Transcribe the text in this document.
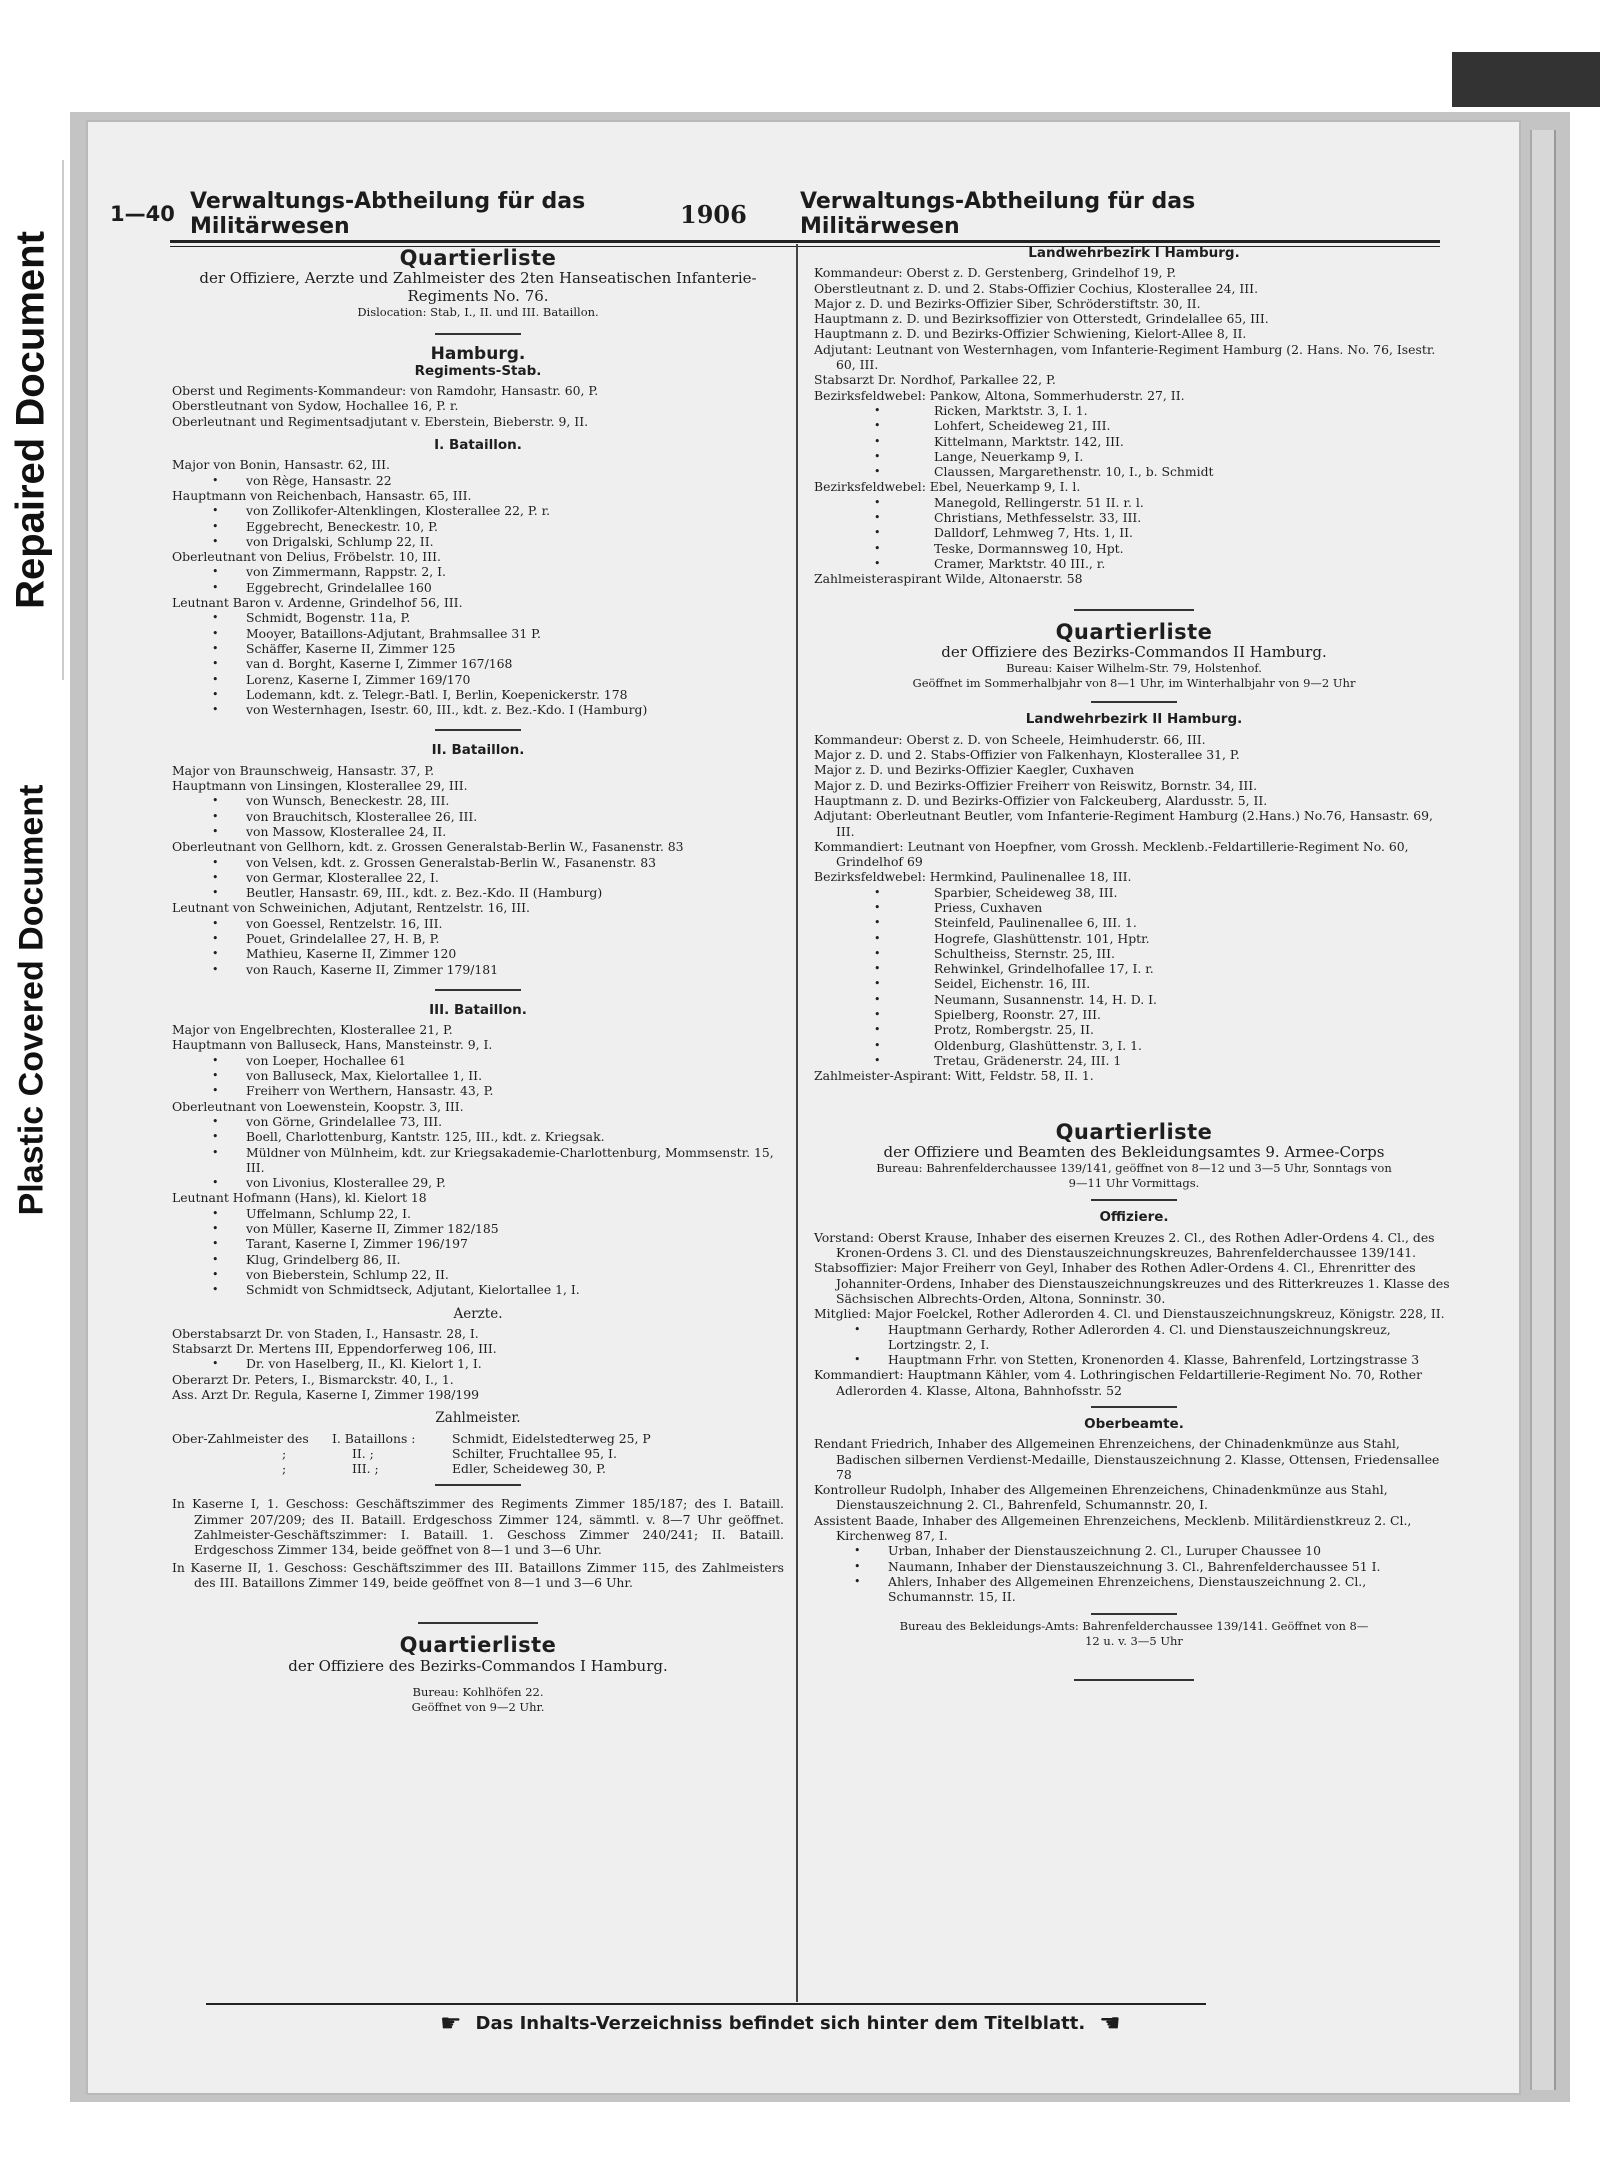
Repaired Document
Plastic Covered Document
1—40 Verwaltungs-Abtheilung für das Militärwesen	1906	Verwaltungs-Abtheilung für das Militärwesen
Quartierliste
der Offiziere, Aerzte und Zahlmeister des 2ten Hanseatischen Infanterie-Regiments No. 76.
Dislocation: Stab, I., II. und III. Bataillon.
Hamburg.
Regiments-Stab.
Oberst und Regiments-Kommandeur: von Ramdohr, Hansastr. 60, P.
Oberstleutnant von Sydow, Hochallee 16, P. r.
Oberleutnant und Regimentsadjutant v. Eberstein, Bieberstr. 9, II.
I. Bataillon.
Major von Bonin, Hansastr. 62, III.
• von Rège, Hansastr. 22
Hauptmann von Reichenbach, Hansastr. 65, III.
• von Zollikofer-Altenklingen, Klosterallee 22, P. r.
• Eggebrecht, Beneckestr. 10, P.
• von Drigalski, Schlump 22, II.
Oberleutnant von Delius, Fröbelstr. 10, III.
• von Zimmermann, Rappstr. 2, I.
• Eggebrecht, Grindelallee 160
Leutnant Baron v. Ardenne, Grindelhof 56, III.
• Schmidt, Bogenstr. 11a, P.
• Mooyer, Bataillons-Adjutant, Brahmsallee 31 P.
• Schäffer, Kaserne II, Zimmer 125
• van d. Borght, Kaserne I, Zimmer 167/168
• Lorenz, Kaserne I, Zimmer 169/170
• Lodemann, kdt. z. Telegr.-Batl. I, Berlin, Koepenickerstr. 178
• von Westernhagen, Isestr. 60, III., kdt. z. Bez.-Kdo. I (Hamburg)
II. Bataillon.
Major von Braunschweig, Hansastr. 37, P.
Hauptmann von Linsingen, Klosterallee 29, III.
• von Wunsch, Beneckestr. 28, III.
• von Brauchitsch, Klosterallee 26, III.
• von Massow, Klosterallee 24, II.
Oberleutnant von Gellhorn, kdt. z. Grossen Generalstab-Berlin W., Fasanenstr. 83
• von Velsen, kdt. z. Grossen Generalstab-Berlin W., Fasanenstr. 83
• von Germar, Klosterallee 22, I.
• Beutler, Hansastr. 69, III., kdt. z. Bez.-Kdo. II (Hamburg)
Leutnant von Schweinichen, Adjutant, Rentzelstr. 16, III.
• von Goessel, Rentzelstr. 16, III.
• Pouet, Grindelallee 27, H. B, P.
• Mathieu, Kaserne II, Zimmer 120
• von Rauch, Kaserne II, Zimmer 179/181
III. Bataillon.
Major von Engelbrechten, Klosterallee 21, P.
Hauptmann von Balluseck, Hans, Mansteinstr. 9, I.
• von Loeper, Hochallee 61
• von Balluseck, Max, Kielortallee 1, II.
• Freiherr von Werthern, Hansastr. 43, P.
Oberleutnant von Loewenstein, Koopstr. 3, III.
• von Görne, Grindelallee 73, III.
• Boell, Charlottenburg, Kantstr. 125, III., kdt. z. Kriegsak.
• Müldner von Mülnheim, kdt. zur Kriegsakademie-Charlottenburg, Mommsenstr. 15, III.
• von Livonius, Klosterallee 29, P.
Leutnant Hofmann (Hans), kl. Kielort 18
• Uffelmann, Schlump 22, I.
• von Müller, Kaserne II, Zimmer 182/185
• Tarant, Kaserne I, Zimmer 196/197
• Klug, Grindelberg 86, II.
• von Bieberstein, Schlump 22, II.
• Schmidt von Schmidtseck, Adjutant, Kielortallee 1, I.
Aerzte.
Oberstabsarzt Dr. von Staden, I., Hansastr. 28, I.
Stabsarzt Dr. Mertens III, Eppendorferweg 106, III.
• Dr. von Haselberg, II., Kl. Kielort 1, I.
Oberarzt Dr. Peters, I., Bismarckstr. 40, I., 1.
Ass. Arzt Dr. Regula, Kaserne I, Zimmer 198/199
Zahlmeister.
Ober-Zahlmeister des	I. Bataillons :	Schmidt, Eidelstedterweg 25, P
;	II. ;	Schilter, Fruchtallee 95, I.
;	III. ;	Edler, Scheideweg 30, P.
In Kaserne I, 1. Geschoss: Geschäftszimmer des Regiments Zimmer 185/187; des I. Bataill. Zimmer 207/209; des II. Bataill. Erdgeschoss Zimmer 124, sämmtl. v. 8—7 Uhr geöffnet. Zahlmeister-Geschäftszimmer: I. Bataill. 1. Geschoss Zimmer 240/241; II. Bataill. Erdgeschoss Zimmer 134, beide geöffnet von 8—1 und 3—6 Uhr.
In Kaserne II, 1. Geschoss: Geschäftszimmer des III. Bataillons Zimmer 115, des Zahlmeisters des III. Bataillons Zimmer 149, beide geöffnet von 8—1 und 3—6 Uhr.
Quartierliste
der Offiziere des Bezirks-Commandos I Hamburg.
Bureau: Kohlhöfen 22.
Geöffnet von 9—2 Uhr.
Landwehrbezirk I Hamburg.
Kommandeur: Oberst z. D. Gerstenberg, Grindelhof 19, P.
Oberstleutnant z. D. und 2. Stabs-Offizier Cochius, Klosterallee 24, III.
Major z. D. und Bezirks-Offizier Siber, Schröderstiftstr. 30, II.
Hauptmann z. D. und Bezirksoffizier von Otterstedt, Grindelallee 65, III.
Hauptmann z. D. und Bezirks-Offizier Schwiening, Kielort-Allee 8, II.
Adjutant: Leutnant von Westernhagen, vom Infanterie-Regiment Hamburg (2. Hans. No. 76, Isestr. 60, III.
Stabsarzt Dr. Nordhof, Parkallee 22, P.
Bezirksfeldwebel: Pankow, Altona, Sommerhuderstr. 27, II.
• Ricken, Marktstr. 3, I. 1.
• Lohfert, Scheideweg 21, III.
• Kittelmann, Marktstr. 142, III.
• Lange, Neuerkamp 9, I.
• Claussen, Margarethenstr. 10, I., b. Schmidt
Bezirksfeldwebel: Ebel, Neuerkamp 9, I. l.
• Manegold, Rellingerstr. 51 II. r. l.
• Christians, Methfesselstr. 33, III.
• Dalldorf, Lehmweg 7, Hts. 1, II.
• Teske, Dormannsweg 10, Hpt.
• Cramer, Marktstr. 40 III., r.
Zahlmeisteraspirant Wilde, Altonaerstr. 58
Quartierliste
der Offiziere des Bezirks-Commandos II Hamburg.
Bureau: Kaiser Wilhelm-Str. 79, Holstenhof.
Geöffnet im Sommerhalbjahr von 8—1 Uhr, im Winterhalbjahr von 9—2 Uhr
Landwehrbezirk II Hamburg.
Kommandeur: Oberst z. D. von Scheele, Heimhuderstr. 66, III.
Major z. D. und 2. Stabs-Offizier von Falkenhayn, Klosterallee 31, P.
Major z. D. und Bezirks-Offizier Kaegler, Cuxhaven
Major z. D. und Bezirks-Offizier Freiherr von Reiswitz, Bornstr. 34, III.
Hauptmann z. D. und Bezirks-Offizier von Falckeuberg, Alardusstr. 5, II.
Adjutant: Oberleutnant Beutler, vom Infanterie-Regiment Hamburg (2.Hans.) No.76, Hansastr. 69, III.
Kommandiert: Leutnant von Hoepfner, vom Grossh. Mecklenb.-Feldartillerie-Regiment No. 60, Grindelhof 69
Bezirksfeldwebel: Hermkind, Paulinenallee 18, III.
• Sparbier, Scheideweg 38, III.
• Priess, Cuxhaven
• Steinfeld, Paulinenallee 6, III. 1.
• Hogrefe, Glashüttenstr. 101, Hptr.
• Schultheiss, Sternstr. 25, III.
• Rehwinkel, Grindelhofallee 17, I. r.
• Seidel, Eichenstr. 16, III.
• Neumann, Susannenstr. 14, H. D. I.
• Spielberg, Roonstr. 27, III.
• Protz, Rombergstr. 25, II.
• Oldenburg, Glashüttenstr. 3, I. 1.
• Tretau, Grädenerstr. 24, III. 1
Zahlmeister-Aspirant: Witt, Feldstr. 58, II. 1.
Quartierliste
der Offiziere und Beamten des Bekleidungsamtes 9. Armee-Corps
Bureau: Bahrenfelderchaussee 139/141, geöffnet von 8—12 und 3—5 Uhr, Sonntags von 9—11 Uhr Vormittags.
Offiziere.
Vorstand: Oberst Krause, Inhaber des eisernen Kreuzes 2. Cl., des Rothen Adler-Ordens 4. Cl., des Kronen-Ordens 3. Cl. und des Dienstauszeichnungskreuzes, Bahrenfelderchaussee 139/141.
Stabsoffizier: Major Freiherr von Geyl, Inhaber des Rothen Adler-Ordens 4. Cl., Ehrenritter des Johanniter-Ordens, Inhaber des Dienstauszeichnungskreuzes und des Ritterkreuzes 1. Klasse des Sächsischen Albrechts-Orden, Altona, Sonninstr. 30.
Mitglied: Major Foelckel, Rother Adlerorden 4. Cl. und Dienstauszeichnungskreuz, Königstr. 228, II.
• Hauptmann Gerhardy, Rother Adlerorden 4. Cl. und Dienstauszeichnungskreuz, Lortzingstr. 2, I.
• Hauptmann Frhr. von Stetten, Kronenorden 4. Klasse, Bahrenfeld, Lortzingstrasse 3
Kommandiert: Hauptmann Kähler, vom 4. Lothringischen Feldartillerie-Regiment No. 70, Rother Adlerorden 4. Klasse, Altona, Bahnhofsstr. 52
Oberbeamte.
Rendant Friedrich, Inhaber des Allgemeinen Ehrenzeichens, der Chinadenkmünze aus Stahl, Badischen silbernen Verdienst-Medaille, Dienstauszeichnung 2. Klasse, Ottensen, Friedensallee 78
Kontrolleur Rudolph, Inhaber des Allgemeinen Ehrenzeichens, Chinadenkmünze aus Stahl, Dienstauszeichnung 2. Cl., Bahrenfeld, Schumannstr. 20, I.
Assistent Baade, Inhaber des Allgemeinen Ehrenzeichens, Mecklenb. Militärdienstkreuz 2. Cl., Kirchenweg 87, I.
• Urban, Inhaber der Dienstauszeichnung 2. Cl., Luruper Chaussee 10
• Naumann, Inhaber der Dienstauszeichnung 3. Cl., Bahrenfelderchaussee 51 I.
• Ahlers, Inhaber des Allgemeinen Ehrenzeichens, Dienstauszeichnung 2. Cl., Schumannstr. 15, II.
Bureau des Bekleidungs-Amts: Bahrenfelderchaussee 139/141. Geöffnet von 8—12 u. v. 3—5 Uhr
☛ Das Inhalts-Verzeichniss befindet sich hinter dem Titelblatt. ☚
